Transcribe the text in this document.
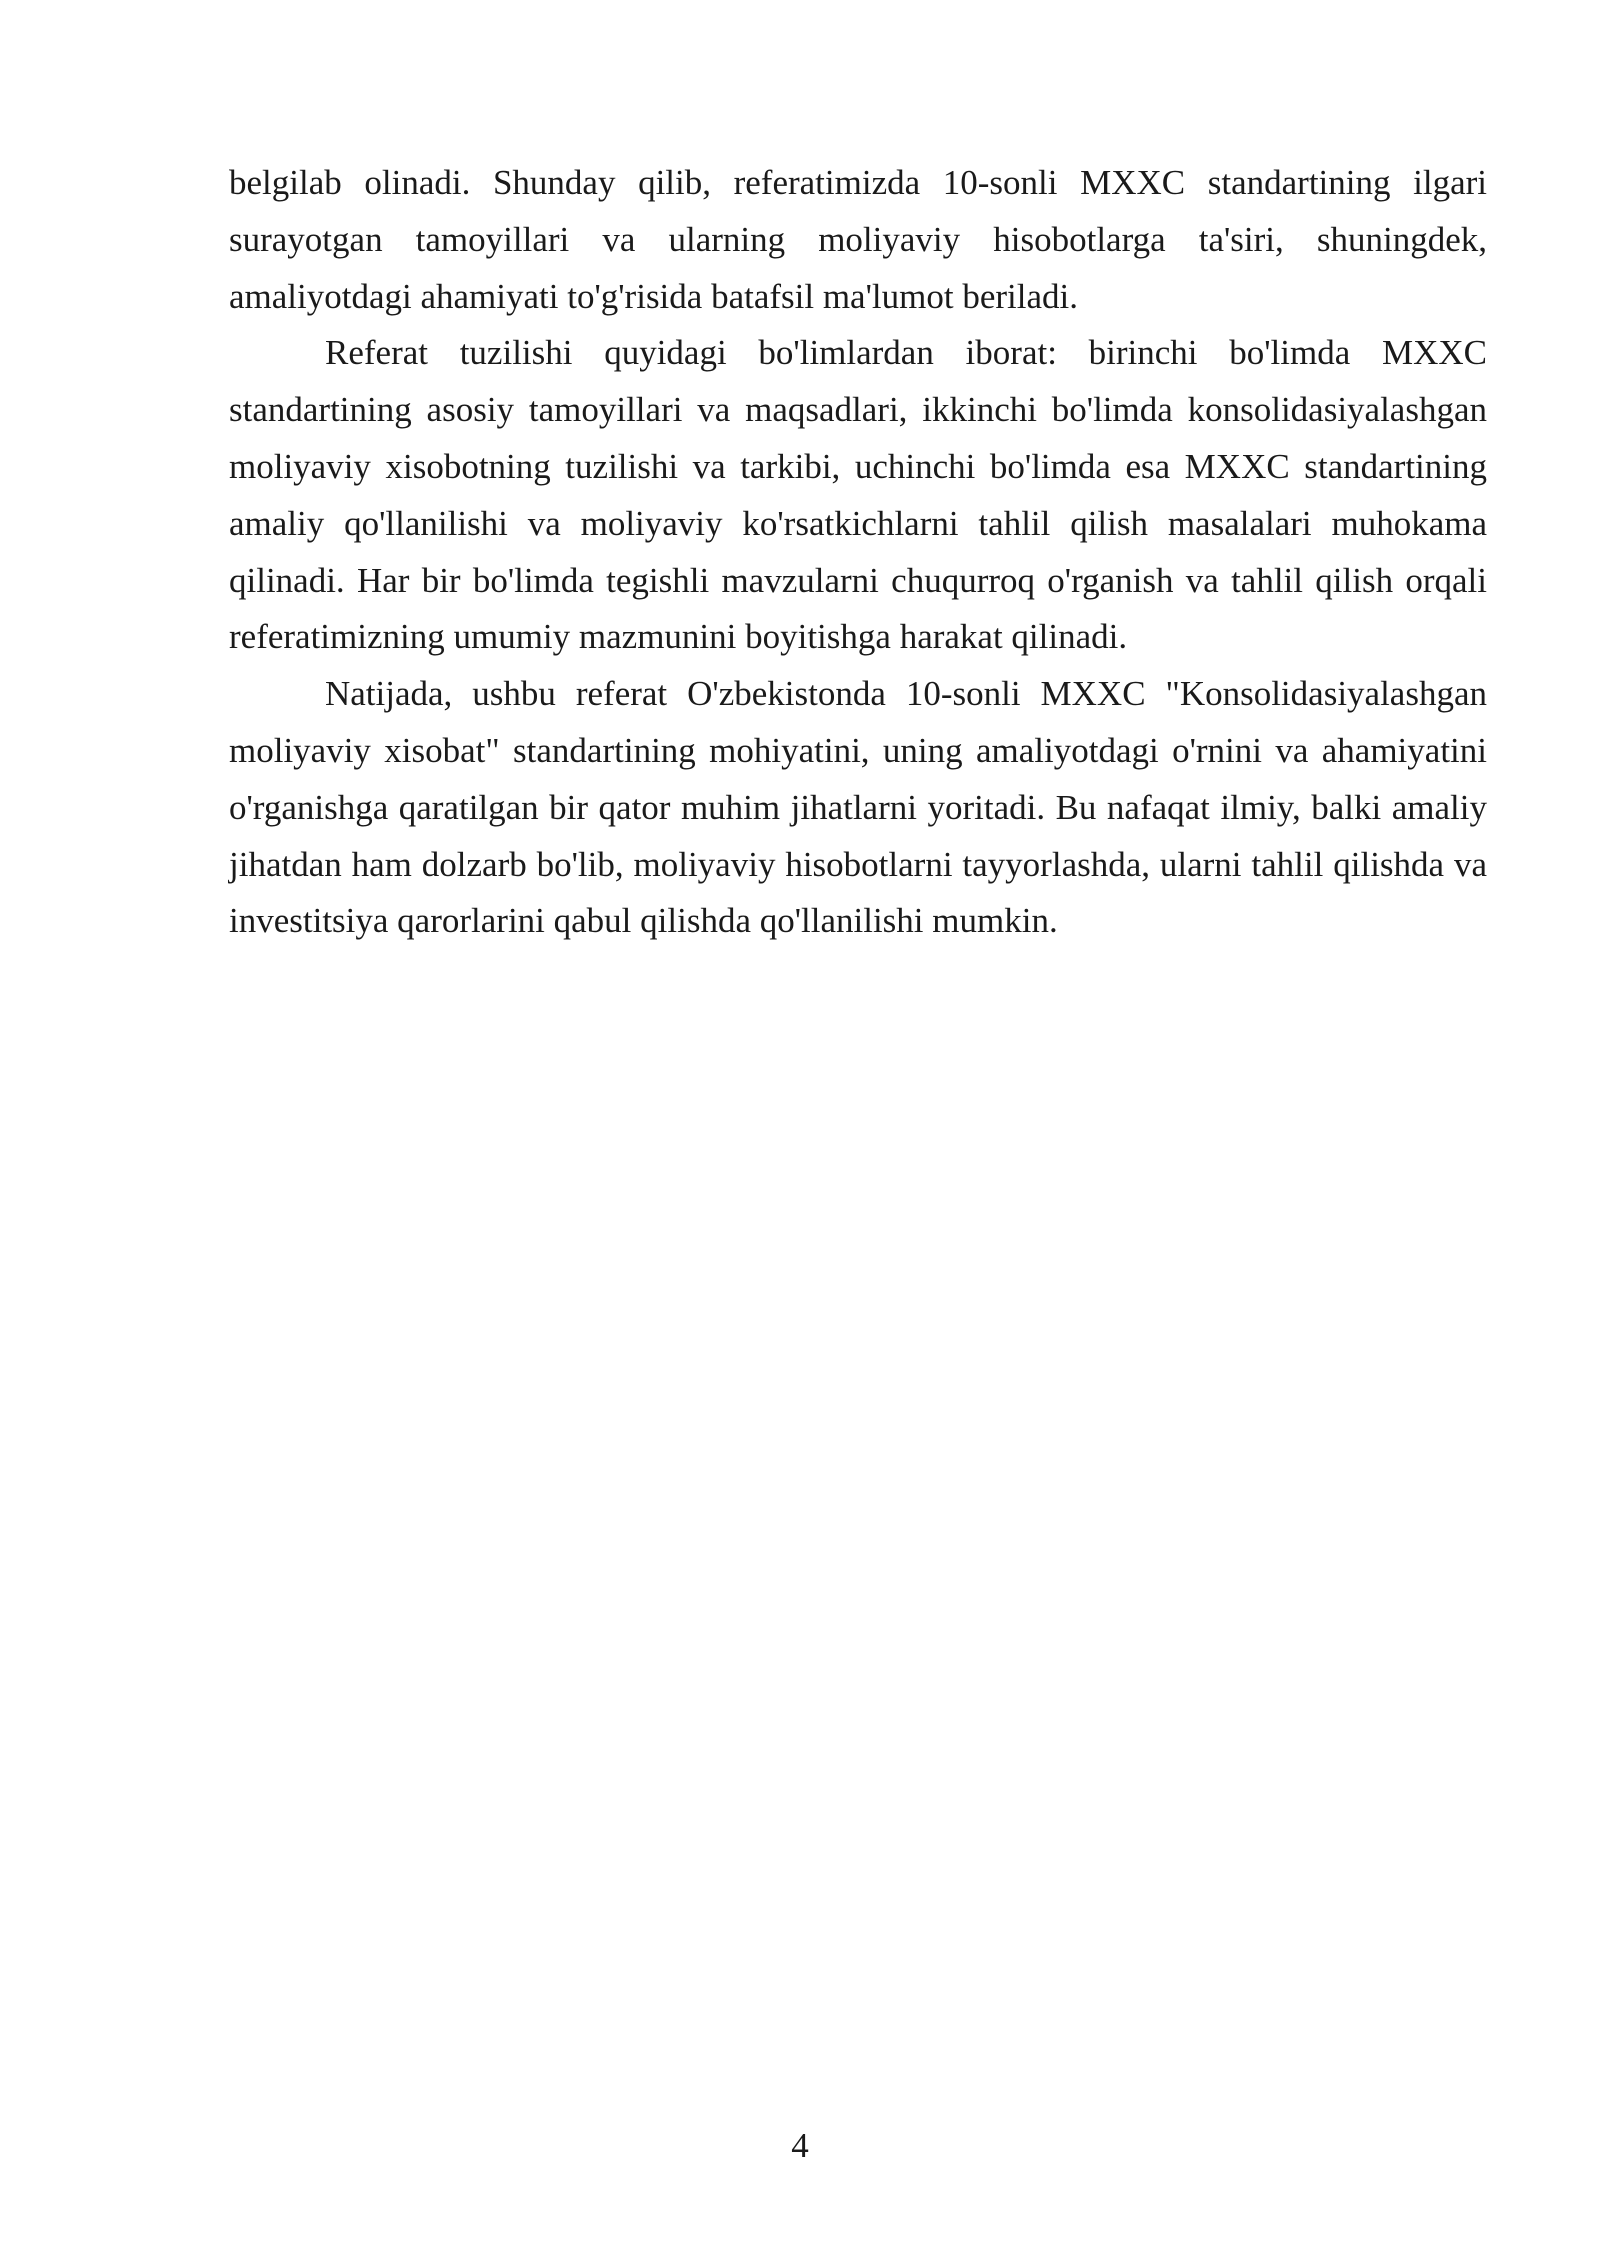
belgilab olinadi. Shunday qilib, referatimizda 10-sonli MXXC standartining ilgari surayotgan tamoyillari va ularning moliyaviy hisobotlarga ta'siri, shuningdek, amaliyotdagi ahamiyati to'g'risida batafsil ma'lumot beriladi.

Referat tuzilishi quyidagi bo'limlardan iborat: birinchi bo'limda MXXC standartining asosiy tamoyillari va maqsadlari, ikkinchi bo'limda konsolidasiyalashgan moliyaviy xisobotning tuzilishi va tarkibi, uchinchi bo'limda esa MXXC standartining amaliy qo'llanilishi va moliyaviy ko'rsatkichlarni tahlil qilish masalalari muhokama qilinadi. Har bir bo'limda tegishli mavzularni chuqurroq o'rganish va tahlil qilish orqali referatimizning umumiy mazmunini boyitishga harakat qilinadi.

Natijada, ushbu referat O'zbekistonda 10-sonli MXXC "Konsolidasiyalashgan moliyaviy xisobat" standartining mohiyatini, uning amaliyotdagi o'rnini va ahamiyatini o'rganishga qaratilgan bir qator muhim jihatlarni yoritadi. Bu nafaqat ilmiy, balki amaliy jihatdan ham dolzarb bo'lib, moliyaviy hisobotlarni tayyorlashda, ularni tahlil qilishda va investitsiya qarorlarini qabul qilishda qo'llanilishi mumkin.

4
